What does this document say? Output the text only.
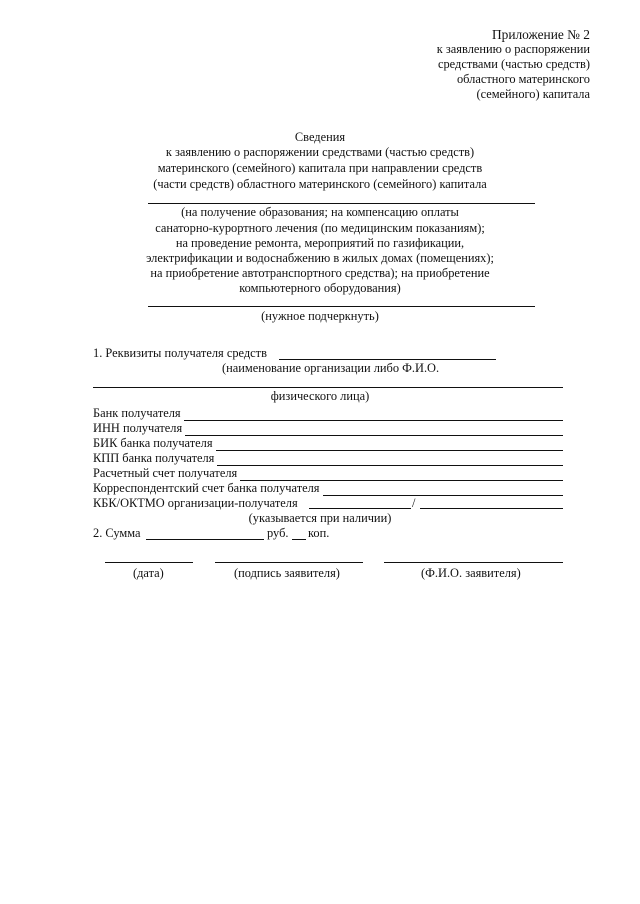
Приложение № 2
к заявлению о распоряжении
средствами (частью средств)
областного материнского
(семейного) капитала
Сведения
к заявлению о распоряжении средствами (частью средств)
материнского (семейного) капитала при направлении средств
(части средств) областного материнского (семейного) капитала
(на получение образования; на компенсацию оплаты
санаторно-курортного лечения (по медицинским показаниям);
на проведение ремонта, мероприятий по газификации,
электрификации и водоснабжению в жилых домах (помещениях);
на приобретение автотранспортного средства); на приобретение
компьютерного оборудования)
(нужное подчеркнуть)
1. Реквизиты получателя средств
(наименование организации либо Ф.И.О.
физического лица)
Банк получателя
ИНН получателя
БИК банка получателя
КПП банка получателя
Расчетный счет получателя
Корреспондентский счет банка получателя
КБК/ОКТМО организации-получателя	/
(указывается при наличии)
2. Сумма	руб. коп.
(дата)	(подпись заявителя)	(Ф.И.О. заявителя)
